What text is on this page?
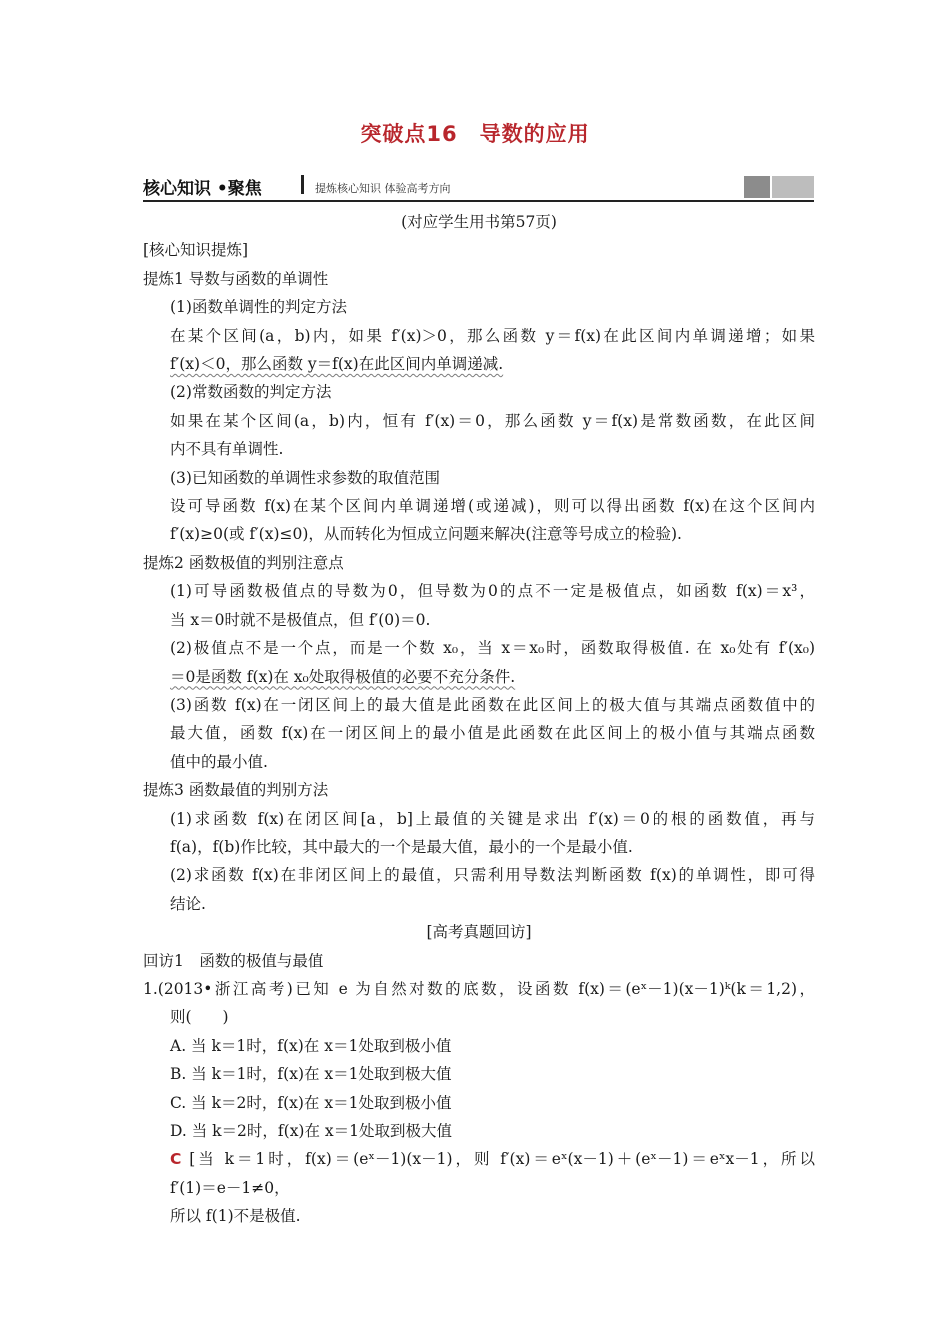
突破点16　导数的应用
核心知识 •聚焦	提炼核心知识 体验高考方向
(对应学生用书第57页)
[核心知识提炼]
提炼1 导数与函数的单调性
(1)函数单调性的判定方法
在某个区间(a，b)内，如果 f′(x)＞0，那么函数 y＝f(x)在此区间内单调递增；如果
f′(x)＜0，那么函数 y＝f(x)在此区间内单调递减.
(2)常数函数的判定方法
如果在某个区间(a，b)内，恒有 f′(x)＝0，那么函数 y＝f(x)是常数函数，在此区间
内不具有单调性.
(3)已知函数的单调性求参数的取值范围
设可导函数 f(x)在某个区间内单调递增(或递减)，则可以得出函数 f(x)在这个区间内
f′(x)≥0(或 f′(x)≤0)，从而转化为恒成立问题来解决(注意等号成立的检验).
提炼2 函数极值的判别注意点
(1)可导函数极值点的导数为0，但导数为0的点不一定是极值点，如函数 f(x)＝x³，
当 x＝0时就不是极值点，但 f′(0)＝0.
(2)极值点不是一个点，而是一个数 x₀，当 x＝x₀时，函数取得极值. 在 x₀处有 f′(x₀)
＝0是函数 f(x)在 x₀处取得极值的必要不充分条件.
(3)函数 f(x)在一闭区间上的最大值是此函数在此区间上的极大值与其端点函数值中的
最大值，函数 f(x)在一闭区间上的最小值是此函数在此区间上的极小值与其端点函数
值中的最小值.
提炼3 函数最值的判别方法
(1)求函数 f(x)在闭区间[a，b]上最值的关键是求出 f′(x)＝0的根的函数值，再与
f(a)，f(b)作比较，其中最大的一个是最大值，最小的一个是最小值.
(2)求函数 f(x)在非闭区间上的最值，只需利用导数法判断函数 f(x)的单调性，即可得
结论.
[高考真题回访]
回访1　函数的极值与最值
1.(2013•浙江高考)已知 e 为自然对数的底数，设函数 f(x)＝(eˣ－1)(x－1)ᵏ(k＝1,2)，
则(　　)
A. 当 k＝1时，f(x)在 x＝1处取到极小值
B. 当 k＝1时，f(x)在 x＝1处取到极大值
C. 当 k＝2时，f(x)在 x＝1处取到极小值
D. 当 k＝2时，f(x)在 x＝1处取到极大值
C [当 k＝1时，f(x)＝(eˣ－1)(x－1)，则 f′(x)＝eˣ(x－1)＋(eˣ－1)＝eˣx－1，所以
f′(1)＝e－1≠0，
所以 f(1)不是极值.
